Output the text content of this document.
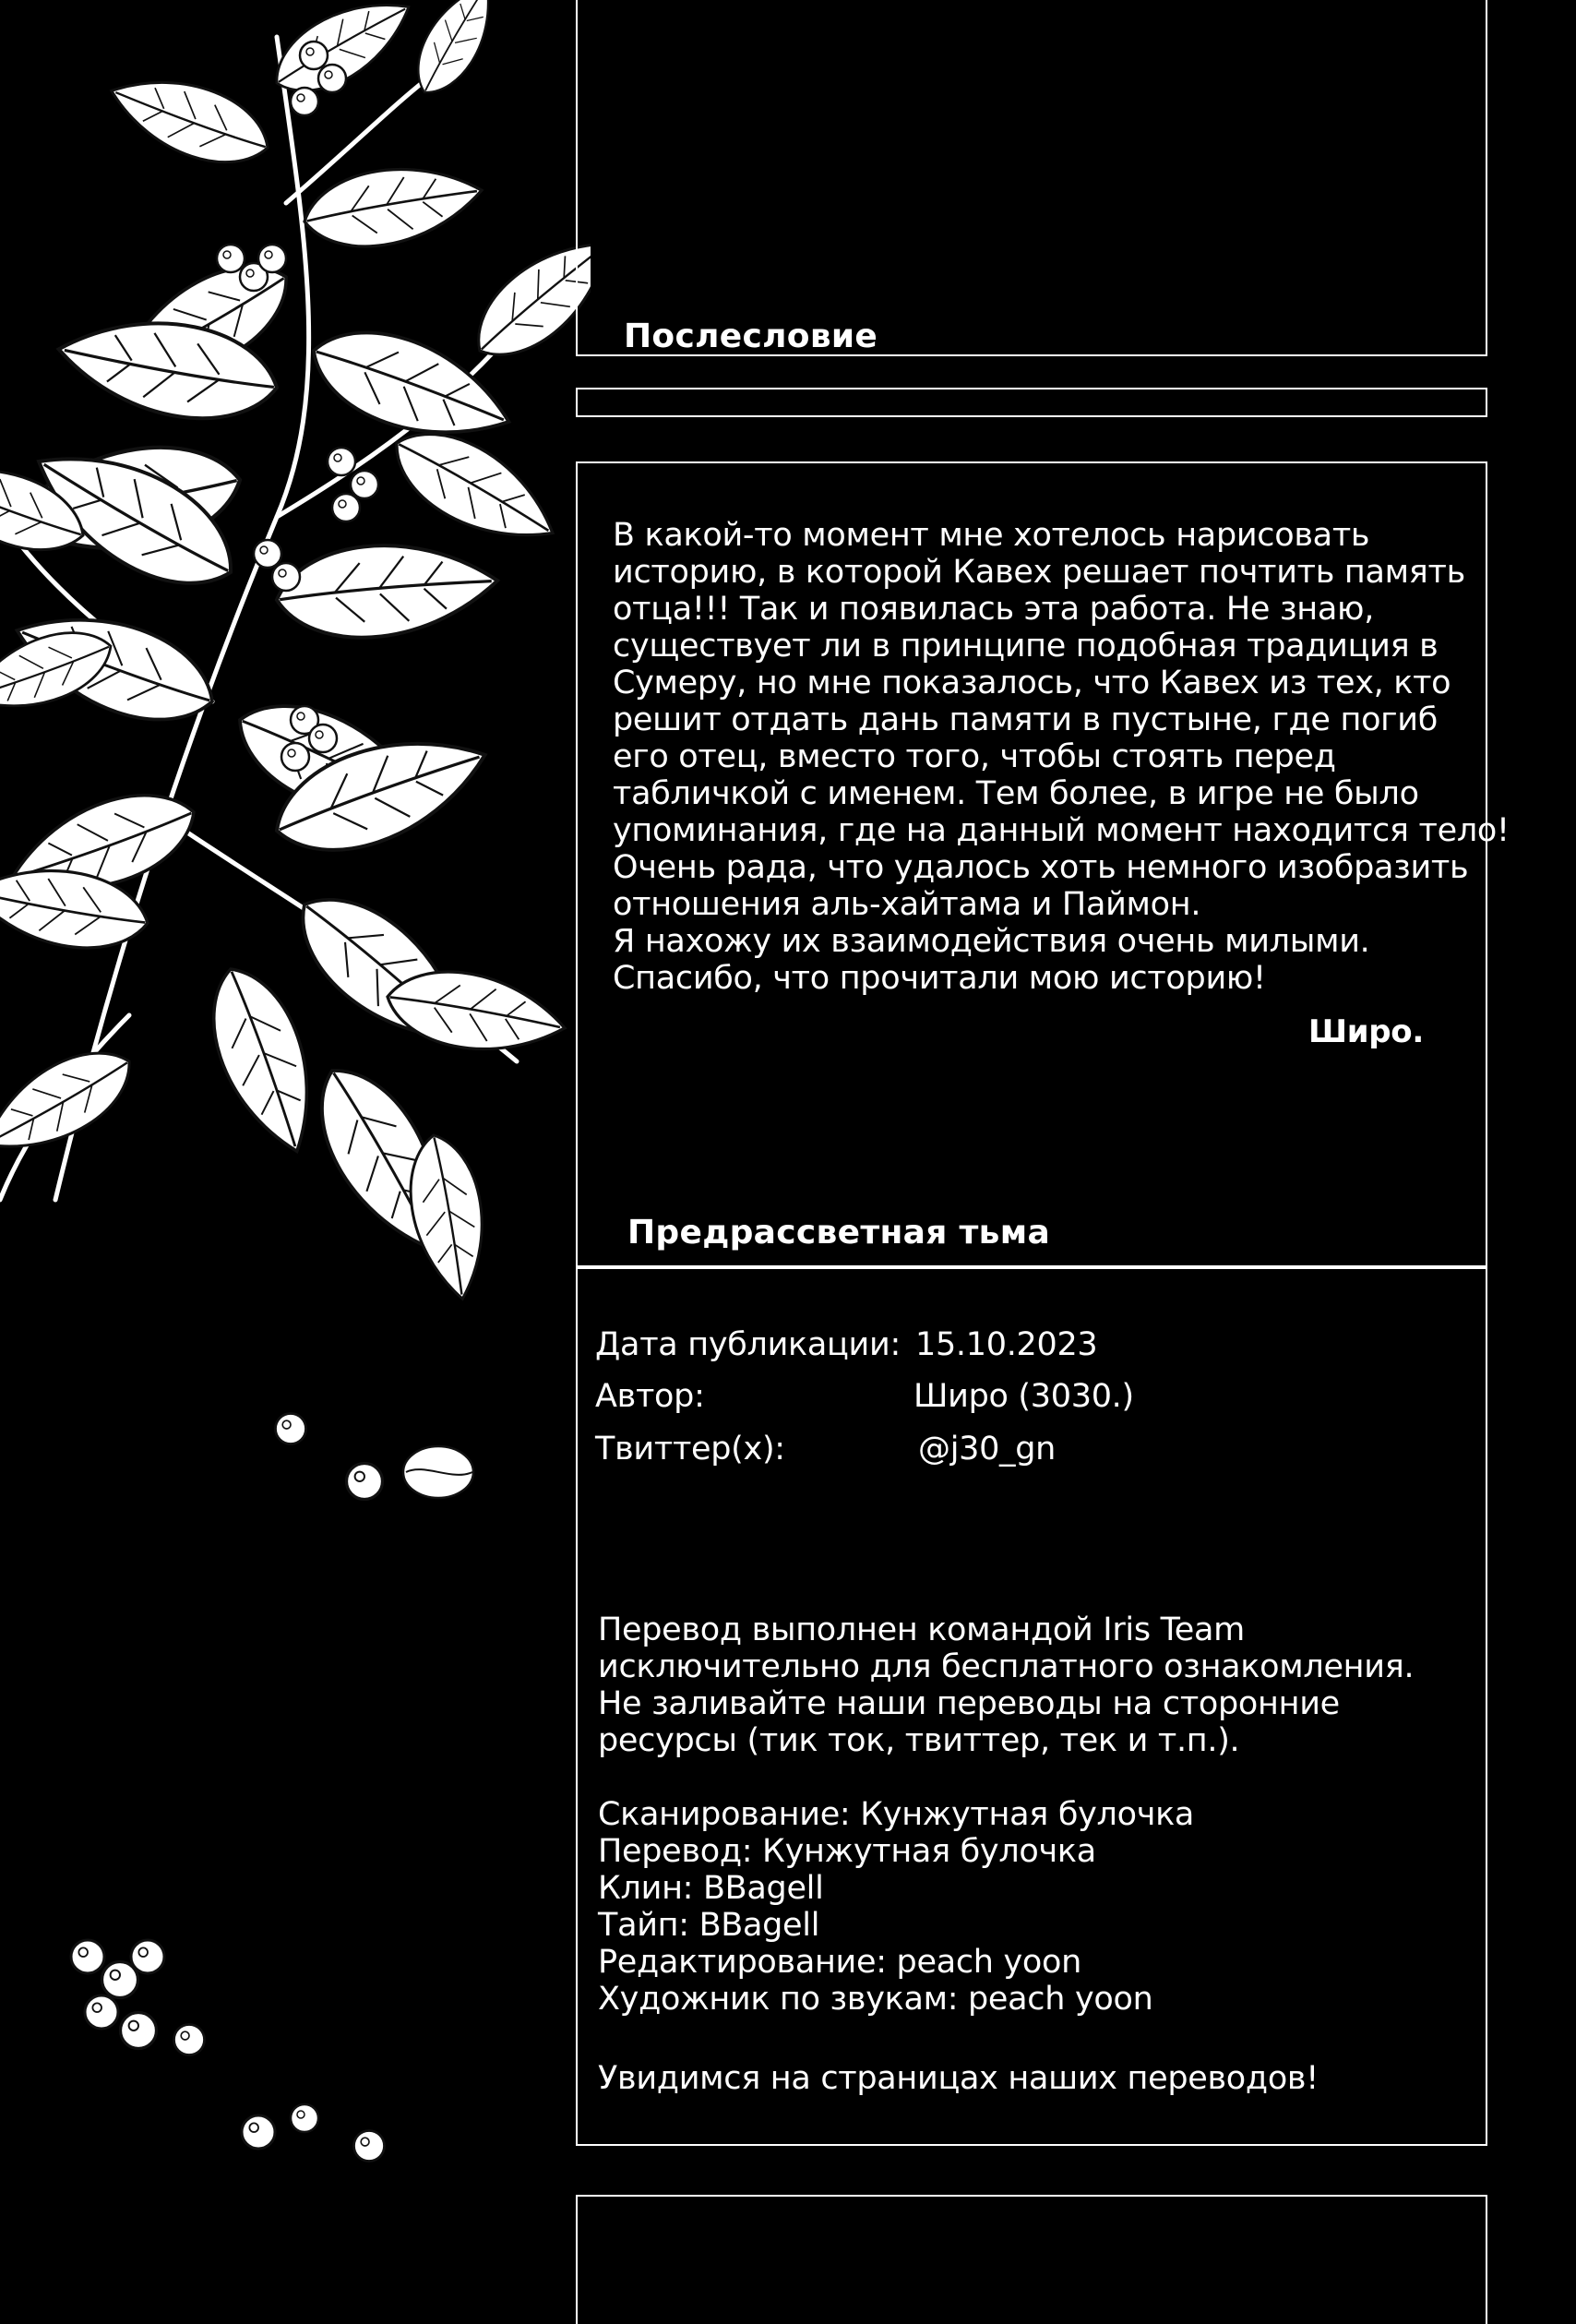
Послесловие
В какой-то момент мне хотелось нарисовать
историю, в которой Кавех решает почтить память
отца!!! Так и появилась эта работа. Не знаю,
существует ли в принципе подобная традиция в
Сумеру, но мне показалось, что Кавех из тех, кто
решит отдать дань памяти в пустыне, где погиб
его отец, вместо того, чтобы стоять перед
табличкой с именем. Тем более, в игре не было
упоминания, где на данный момент находится тело!
Очень рада, что удалось хоть немного изобразить
отношения аль-хайтама и Паймон.
Я нахожу их взаимодействия очень милыми.
Спасибо, что прочитали мою историю!
Широ.
Предрассветная тьма
Дата публикации: 15.10.2023
Автор:	Широ (3030.)
Твиттер(x):	@j30_gn
Перевод выполнен командой Iris Team
исключительно для бесплатного ознакомления.
Не заливайте наши переводы на сторонние
ресурсы (тик ток, твиттер, тек и т.п.).
Сканирование: Кунжутная булочка
Перевод: Кунжутная булочка
Клин: BBagell
Тайп: BBagell
Редактирование: peach yoon
Художник по звукам: peach yoon
Увидимся на страницах наших переводов!
